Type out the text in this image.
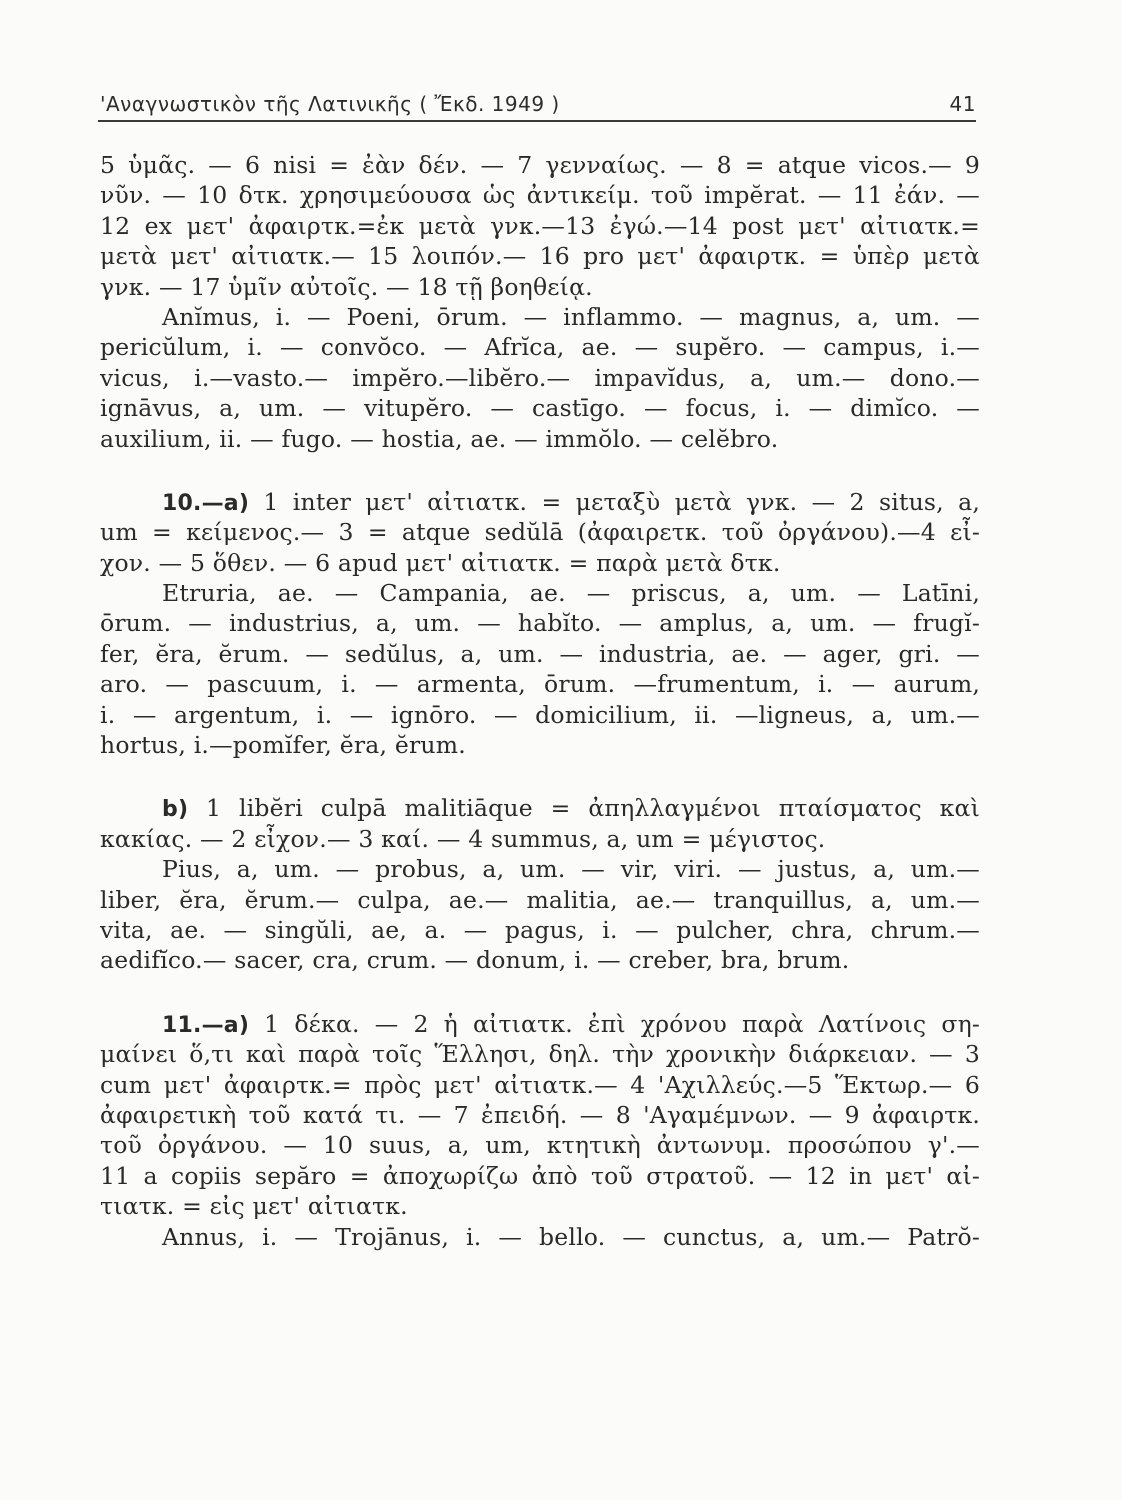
'Αναγνωστικὸν τῆς Λατινικῆς ( Ἔκδ. 1949 )	41
5 ὑμᾶς. — 6 nisi = ἐὰν δέν. — 7 γενναίως. — 8 = atque vicos.— 9
νῦν. — 10 δτκ. χρησιμεύουσα ὡς ἀντικείμ. τοῦ impĕrat. — 11 ἐάν. —
12 ex μετ' ἀφαιρτκ.=ἐκ μετὰ γνκ.—13 ἐγώ.—14 post μετ' αἰτιατκ.=
μετὰ μετ' αἰτιατκ.— 15 λοιπόν.— 16 pro μετ' ἀφαιρτκ. = ὑπὲρ μετὰ
γνκ. — 17 ὑμῖν αὐτοῖς. — 18 τῇ βοηθείᾳ.
Anĭmus, i. — Poeni, ōrum. — inflammo. — magnus, a, um. —
pericŭlum, i. — convŏco. — Afrĭca, ae. — supĕro. — campus, i.—
vicus, i.—vasto.— impĕro.—libĕro.— impavĭdus, a, um.— dono.—
ignāvus, a, um. — vitupĕro. — castīgo. — focus, i. — dimĭco. —
auxilium, ii. — fugo. — hostia, ae. — immŏlo. — celĕbro.
10.—a) 1 inter μετ' αἰτιατκ. = μεταξὺ μετὰ γνκ. — 2 situs, a,
um = κείμενος.— 3 = atque sedŭlā (ἀφαιρετκ. τοῦ ὀργάνου).—4 εἶ-
χον. — 5 ὅθεν. — 6 apud μετ' αἰτιατκ. = παρὰ μετὰ δτκ.
Etruria, ae. — Campania, ae. — priscus, a, um. — Latīni,
ōrum. — industrius, a, um. — habĭto. — amplus, a, um. — frugĭ-
fer, ĕra, ĕrum. — sedŭlus, a, um. — industria, ae. — ager, gri. —
aro. — pascuum, i. — armenta, ōrum. —frumentum, i. — aurum,
i. — argentum, i. — ignōro. — domicilium, ii. —ligneus, a, um.—
hortus, i.—pomĭfer, ĕra, ĕrum.
b) 1 libĕri culpā malitiāque = ἀπηλλαγμένοι πταίσματος καὶ
κακίας. — 2 εἶχον.— 3 καί. — 4 summus, a, um = μέγιστος.
Pius, a, um. — probus, a, um. — vir, viri. — justus, a, um.—
liber, ĕra, ĕrum.— culpa, ae.— malitia, ae.— tranquillus, a, um.—
vita, ae. — singŭli, ae, a. — pagus, i. — pulcher, chra, chrum.—
aedifĭco.— sacer, cra, crum. — donum, i. — creber, bra, brum.
11.—a) 1 δέκα. — 2 ἡ αἰτιατκ. ἐπὶ χρόνου παρὰ Λατίνοις ση-
μαίνει ὅ,τι καὶ παρὰ τοῖς Ἕλλησι, δηλ. τὴν χρονικὴν διάρκειαν. — 3
cum μετ' ἀφαιρτκ.= πρὸς μετ' αἰτιατκ.— 4 'Αχιλλεύς.—5 Ἕκτωρ.— 6
ἀφαιρετικὴ τοῦ κατά τι. — 7 ἐπειδή. — 8 'Αγαμέμνων. — 9 ἀφαιρτκ.
τοῦ ὀργάνου. — 10 suus, a, um, κτητικὴ ἀντωνυμ. προσώπου γ'.—
11 a copiis sepăro = ἀποχωρίζω ἀπὸ τοῦ στρατοῦ. — 12 in μετ' αἰ-
τιατκ. = εἰς μετ' αἰτιατκ.
Annus, i. — Trojānus, i. — bello. — cunctus, a, um.— Patrŏ-
